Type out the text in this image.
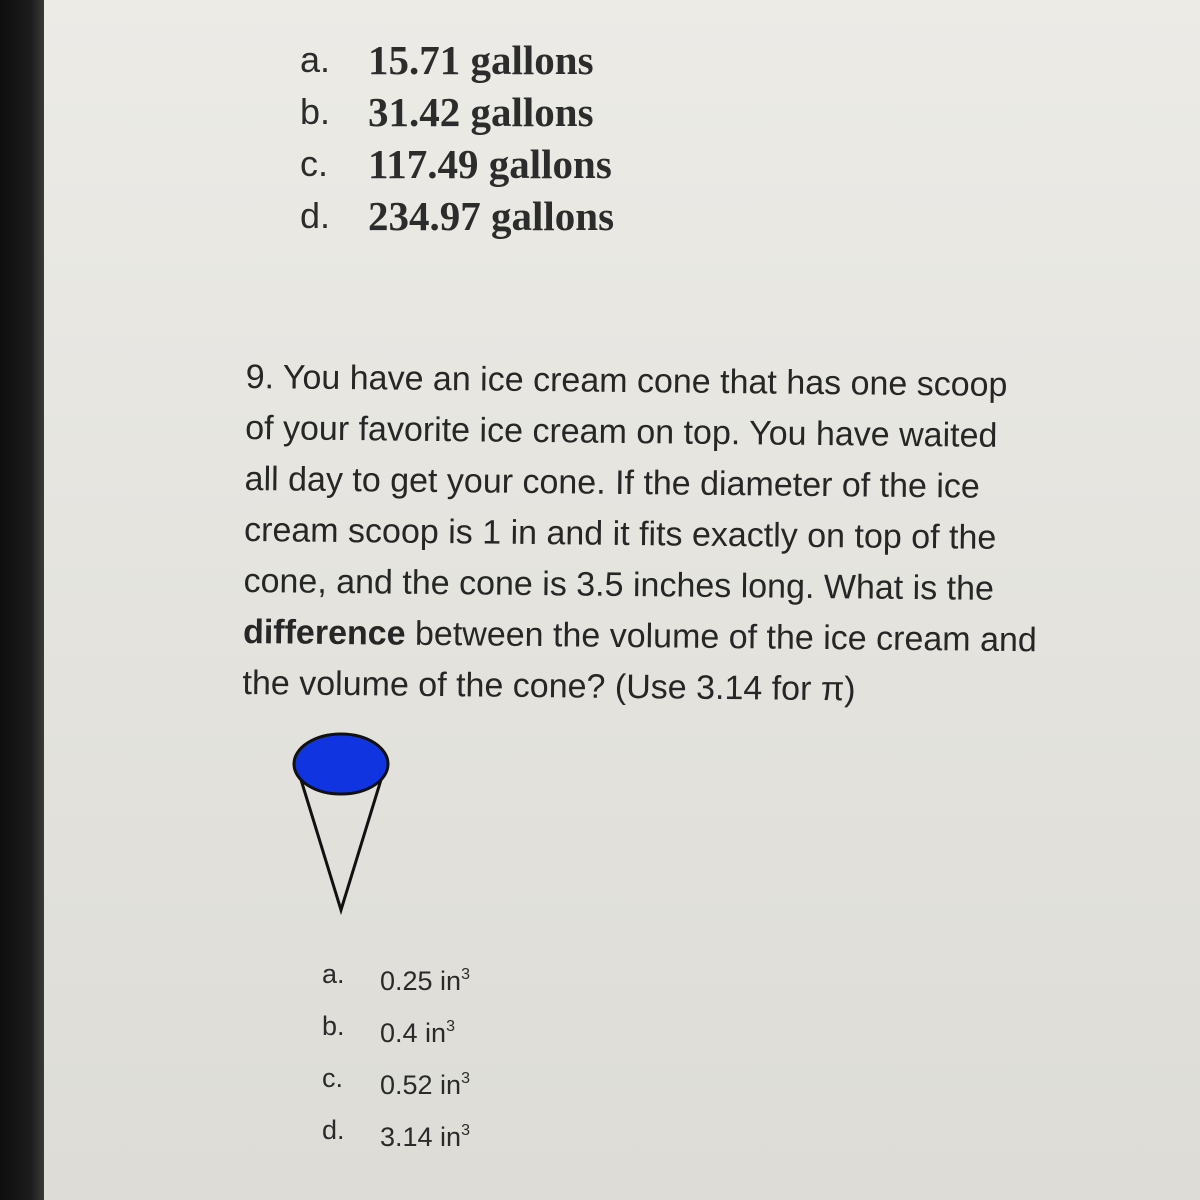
a. 15.71 gallons
b. 31.42 gallons
c. 117.49 gallons
d. 234.97 gallons
9. You have an ice cream cone that has one scoop
of your favorite ice cream on top. You have waited
all day to get your cone. If the diameter of the ice
cream scoop is 1 in and it fits exactly on top of the
cone, and the cone is 3.5 inches long. What is the
difference between the volume of the ice cream and
the volume of the cone? (Use 3.14 for π)
a.	0.25 $in^3$
b.	0.4 $in^3$
c.	0.52 $in^3$
d.	3.14 $in^3$
